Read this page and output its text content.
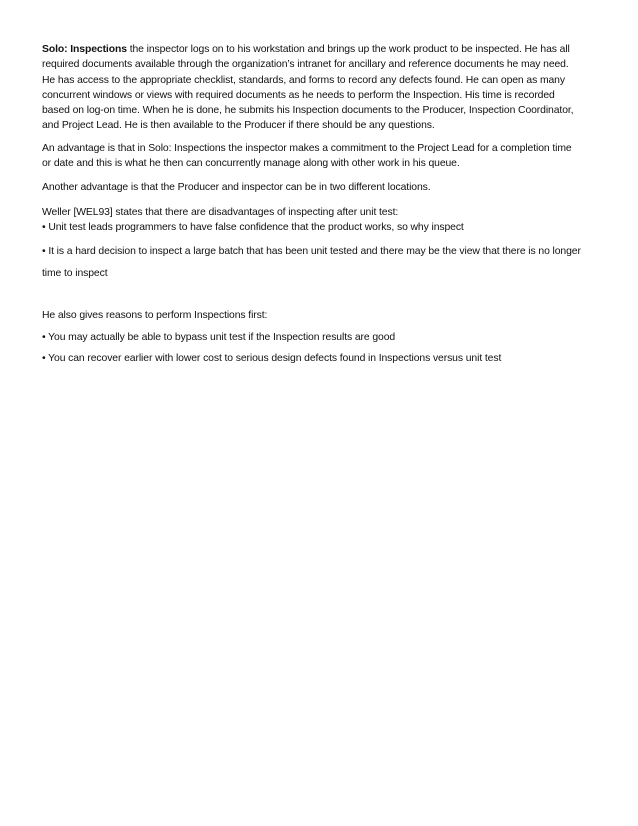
Solo: Inspections the inspector logs on to his workstation and brings up the work product to be inspected. He has all

required documents available through the organization’s intranet for ancillary and reference documents he may need.

He has access to the appropriate checklist, standards, and forms to record any defects found. He can open as many

concurrent windows or views with required documents as he needs to perform the Inspection. His time is recorded

based on log-on time. When he is done, he submits his Inspection documents to the Producer, Inspection Coordinator,

and Project Lead. He is then available to the Producer if there should be any questions.

An advantage is that in Solo: Inspections the inspector makes a commitment to the Project Lead for a completion time

or date and this is what he then can concurrently manage along with other work in his queue.

Another advantage is that the Producer and inspector can be in two different locations.

Weller [WEL93] states that there are disadvantages of inspecting after unit test:

• Unit test leads programmers to have false confidence that the product works, so why inspect

• It is a hard decision to inspect a large batch that has been unit tested and there may be the view that there is no longer

time to inspect

He also gives reasons to perform Inspections first:

• You may actually be able to bypass unit test if the Inspection results are good

• You can recover earlier with lower cost to serious design defects found in Inspections versus unit test
